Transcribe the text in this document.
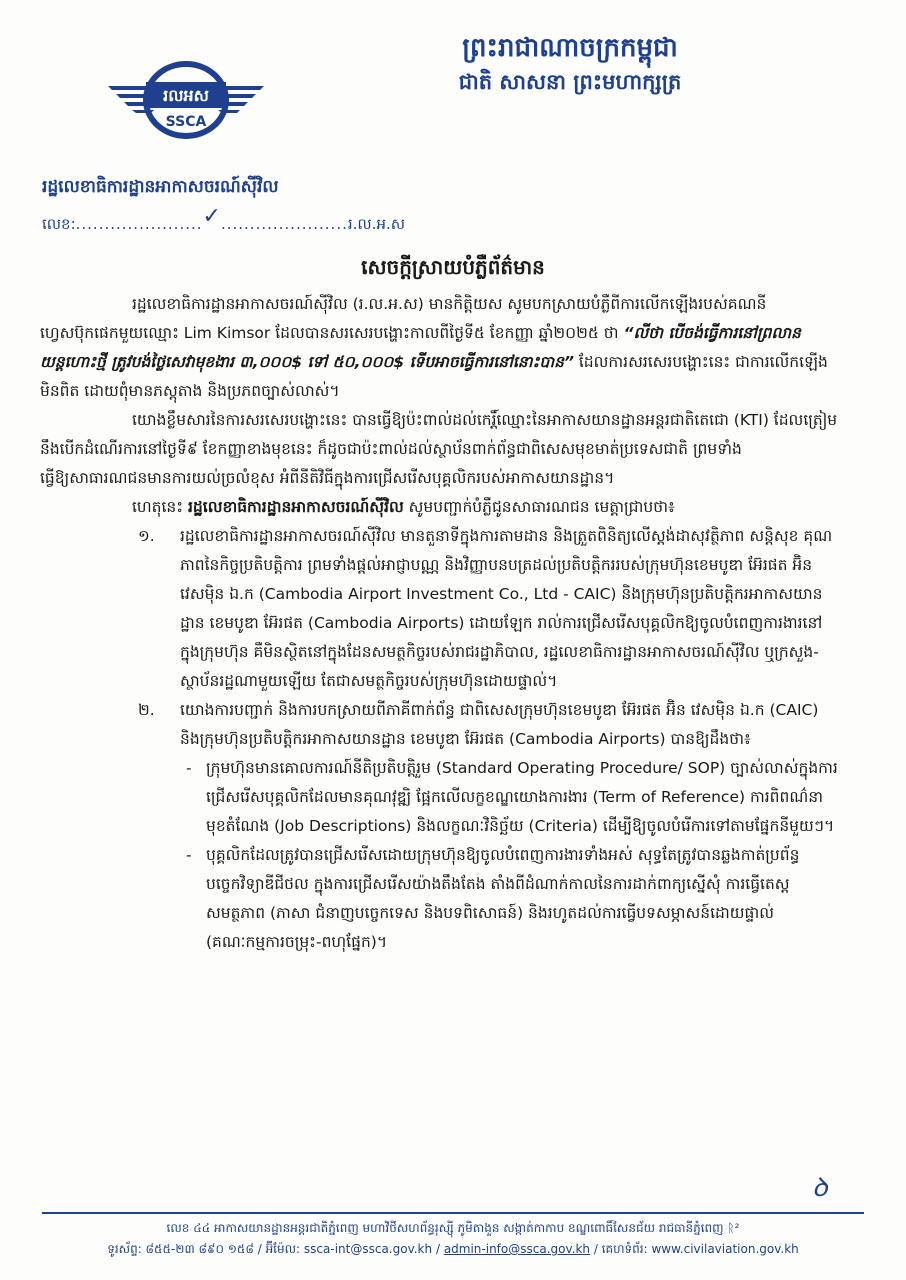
រលអស
SSCA
ព្រះរាជាណាចក្រកម្ពុជា
ជាតិ សាសនា ព្រះមហាក្សត្រ
រដ្ឋលេខាធិការដ្ឋានអាកាសចរណ៍ស៊ីវិល
លេខ:......................✓......................រ.ល.អ.ស
សេចក្តីស្រាយបំភ្លឺព័ត៌មាន

រដ្ឋលេខាធិការដ្ឋានអាកាសចរណ៍ស៊ីវិល (រ.ល.អ.ស) មានកិត្តិយស សូមបកស្រាយបំភ្លឺពីការលើកឡើងរបស់គណនីហ្វេសប៊ុកផេកមួយឈ្មោះ Lim Kimsor ដែលបានសរសេរបង្ហោះកាលពីថ្ងៃទី៥ ខែកញ្ញា ឆ្នាំ២០២៥ ថា “លីថា បើចង់ធ្វើការនៅព្រលានយន្តហោះថ្មី ត្រូវបង់ថ្លៃសេវាមុខងារ ៣,០០០$ ទៅ ៥០,០០០$ ទើបអាចធ្វើការនៅនោះបាន” ដែលការសរសេរបង្ហោះនេះ ជាការលើកឡើងមិនពិត ដោយពុំមានភស្តុតាង និងប្រភពច្បាស់លាស់។

យោងខ្លឹមសារនៃការសរសេរបង្ហោះនេះ បានធ្វើឱ្យប៉ះពាល់ដល់កេរ្តិ៍ឈ្មោះនៃអាកាសយានដ្ឋានអន្តរជាតិតេជោ (KTI) ដែលត្រៀមនឹងបើកដំណើរការនៅថ្ងៃទី៩ ខែកញ្ញាខាងមុខនេះ ក៏ដូចជាប៉ះពាល់ដល់ស្ថាប័នពាក់ព័ន្ធជាពិសេសមុខមាត់ប្រទេសជាតិ ព្រមទាំងធ្វើឱ្យសាធារណជនមានការយល់ច្រលំខុស អំពីនីតិវិធីក្នុងការជ្រើសរើសបុគ្គលិករបស់អាកាសយានដ្ឋាន។

ហេតុនេះ រដ្ឋលេខាធិការដ្ឋានអាកាសចរណ៍ស៊ីវិល សូមបញ្ជាក់បំភ្លឺជូនសាធារណជន មេត្តាជ្រាបថា៖

១. រដ្ឋលេខាធិការដ្ឋានអាកាសចរណ៍ស៊ីវិល មានតួនាទីក្នុងការតាមដាន និងត្រួតពិនិត្យលើស្តង់ដាសុវត្ថិភាព សន្តិសុខ គុណភាពនៃកិច្ចប្រតិបត្តិការ ព្រមទាំងផ្តល់អាជ្ញាបណ្ណ និងវិញ្ញាបនបត្រដល់ប្រតិបត្តិកររបស់ក្រុមហ៊ុនខេមបូឌា អ៊ែរផត អ៊ិន វេសម៉ិន ឯ.ក (Cambodia Airport Investment Co., Ltd - CAIC) និងក្រុមហ៊ុនប្រតិបត្តិករអាកាសយានដ្ឋាន ខេមបូឌា អ៊ែរផត (Cambodia Airports) ដោយឡែក រាល់ការជ្រើសរើសបុគ្គលិកឱ្យចូលបំពេញការងារនៅក្នុងក្រុមហ៊ុន គឺមិនស្ថិតនៅក្នុងដែនសមត្ថកិច្ចរបស់រាជរដ្ឋាភិបាល, រដ្ឋលេខាធិការដ្ឋានអាកាសចរណ៍ស៊ីវិល ឬក្រសួង-ស្ថាប័នរដ្ឋណាមួយឡើយ តែជាសមត្ថកិច្ចរបស់ក្រុមហ៊ុនដោយផ្ទាល់។
២. យោងការបញ្ជាក់ និងការបកស្រាយពីភាគីពាក់ព័ន្ធ ជាពិសេសក្រុមហ៊ុនខេមបូឌា អ៊ែរផត អ៊ិន វេសម៉ិន ឯ.ក (CAIC) និងក្រុមហ៊ុនប្រតិបត្តិករអាកាសយានដ្ឋាន ខេមបូឌា អ៊ែរផត (Cambodia Airports) បានឱ្យដឹងថា៖
- ក្រុមហ៊ុនមានគោលការណ៍នីតិប្រតិបត្តិរួម (Standard Operating Procedure/ SOP) ច្បាស់លាស់ក្នុងការជ្រើសរើសបុគ្គលិកដែលមានគុណវុឌ្ឍិ ផ្អែកលើលក្ខខណ្ឌយោងការងារ (Term of Reference) ការពិពណ៌នាមុខតំណែង (Job Descriptions) និងលក្ខណៈវិនិច្ឆ័យ (Criteria) ដើម្បីឱ្យចូលបំរើការទៅតាមផ្នែកនីមួយៗ។
- បុគ្គលិកដែលត្រូវបានជ្រើសរើសដោយក្រុមហ៊ុនឱ្យចូលបំពេញការងារទាំងអស់ សុទ្ធតែត្រូវបានឆ្លងកាត់ប្រព័ន្ធបច្ចេកវិទ្យាឌីជីថល ក្នុងការជ្រើសរើសយ៉ាងតឹងតែង តាំងពីដំណាក់កាលនៃការដាក់ពាក្យស្នើសុំ ការធ្វើតេស្ត សមត្ថភាព (ភាសា ជំនាញបច្ចេកទេស និងបទពិសោធន៍) និងរហូតដល់ការធ្វើបទសម្ភាសន៍ដោយផ្ទាល់ (គណៈកម្មការចម្រុះ-ពហុផ្នែក)។
ꝺ
លេខ ៤៤ អាកាសយានដ្ឋានអន្តរជាតិភ្នំពេញ មហាវិថីសហព័ន្ធរុស្ស៊ី ភូមិតាងួន សង្កាត់កាកាប ខណ្ឌពោធិ៍សែនជ័យ រាជធានីភ្នំពេញ ᚱ²
ទូរស័ព្ទ: ៨៥៥-២៣ ៨៩០ ១៥៨ / អ៊ីម៉ែល: ssca-int@ssca.gov.kh / admin-info@ssca.gov.kh / គេហទំព័រ: www.civilaviation.gov.kh
